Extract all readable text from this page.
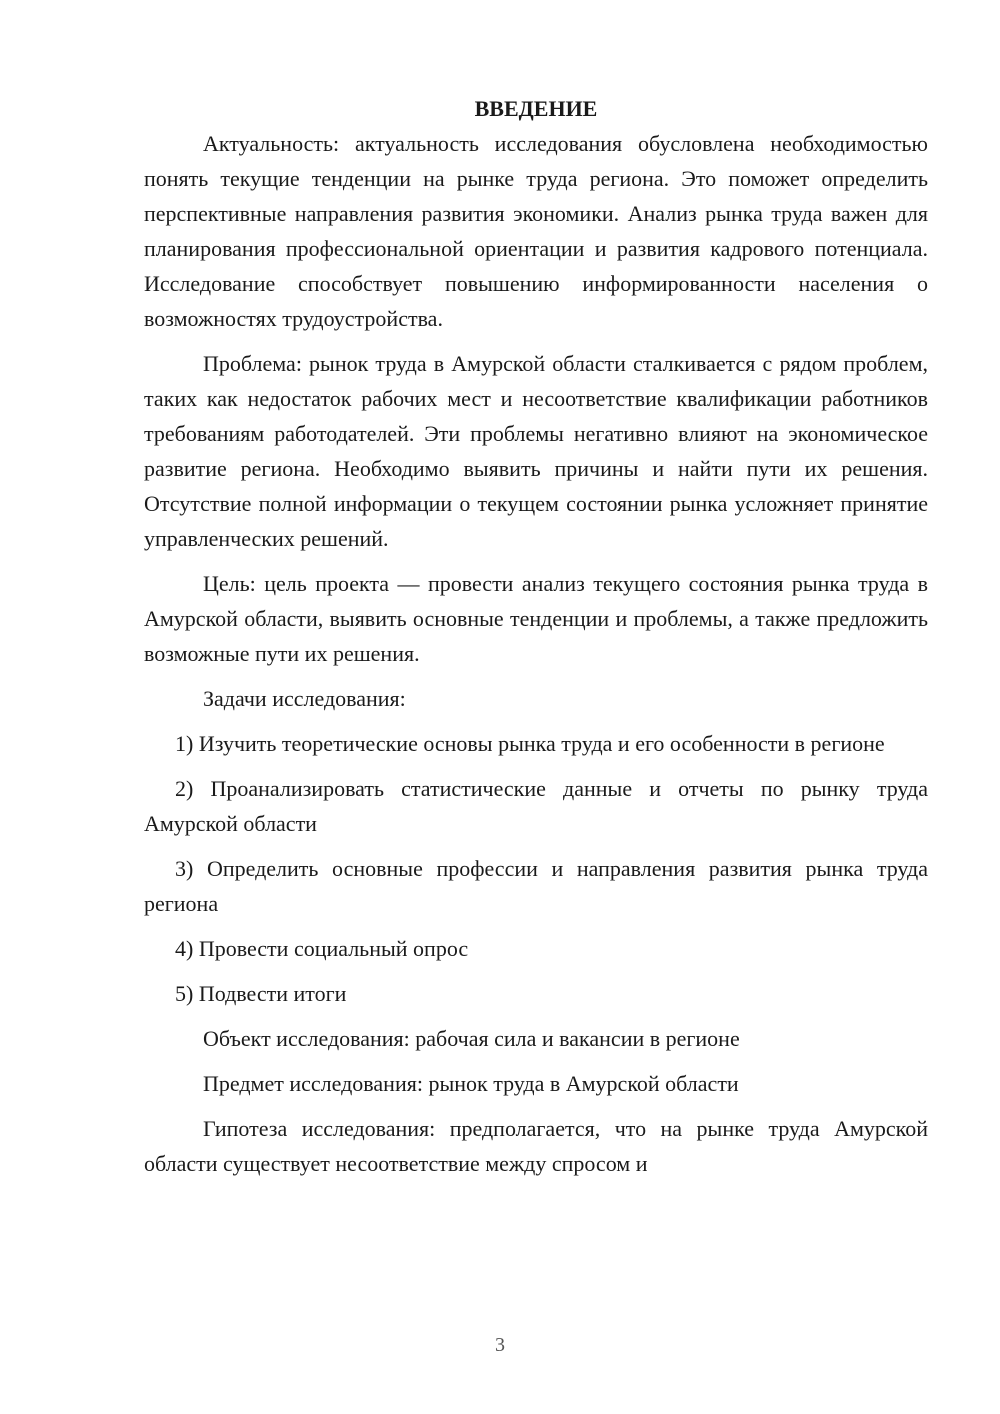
ВВЕДЕНИЕ

Актуальность: актуальность исследования обусловлена необходимостью понять текущие тенденции на рынке труда региона. Это поможет определить перспективные направления развития экономики. Анализ рынка труда важен для планирования профессиональной ориентации и развития кадрового потенциала. Исследование способствует повышению информированности населения о возможностях трудоустройства.

Проблема: рынок труда в Амурской области сталкивается с рядом проблем, таких как недостаток рабочих мест и несоответствие квалификации работников требованиям работодателей. Эти проблемы негативно влияют на экономическое развитие региона. Необходимо выявить причины и найти пути их решения. Отсутствие полной информации о текущем состоянии рынка усложняет принятие управленческих решений.

Цель: цель проекта — провести анализ текущего состояния рынка труда в Амурской области, выявить основные тенденции и проблемы, а также предложить возможные пути их решения.

Задачи исследования:

1) Изучить теоретические основы рынка труда и его особенности в регионе

2) Проанализировать статистические данные и отчеты по рынку труда Амурской области

3) Определить основные профессии и направления развития рынка труда региона

4) Провести социальный опрос

5) Подвести итоги

Объект исследования: рабочая сила и вакансии в регионе

Предмет исследования: рынок труда в Амурской области

Гипотеза исследования: предполагается, что на рынке труда Амурской области существует несоответствие между спросом и

3
